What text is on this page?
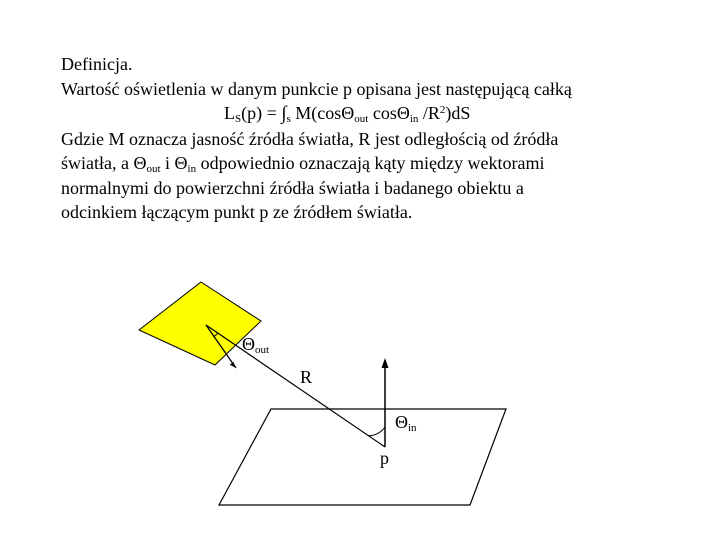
Definicja.
Wartość oświetlenia w danym punkcie p opisana jest następującą całką
$L_S(p) = \int_s$ M(cosΘ$_{out}$ cosΘ$_{in}$ $/R^2)dS$
Gdzie M oznacza jasność źródła światła, R jest odległością od źródła
światła, a $\Theta_{out}$ i $\Theta_{in}$ odpowiednio oznaczają kąty między wektorami
normalnymi do powierzchni źródła światła i badanego obiektu a
odcinkiem łączącym punkt p ze źródłem światła.
$\Theta_{out}$
R
$\Theta_{in}$
p
